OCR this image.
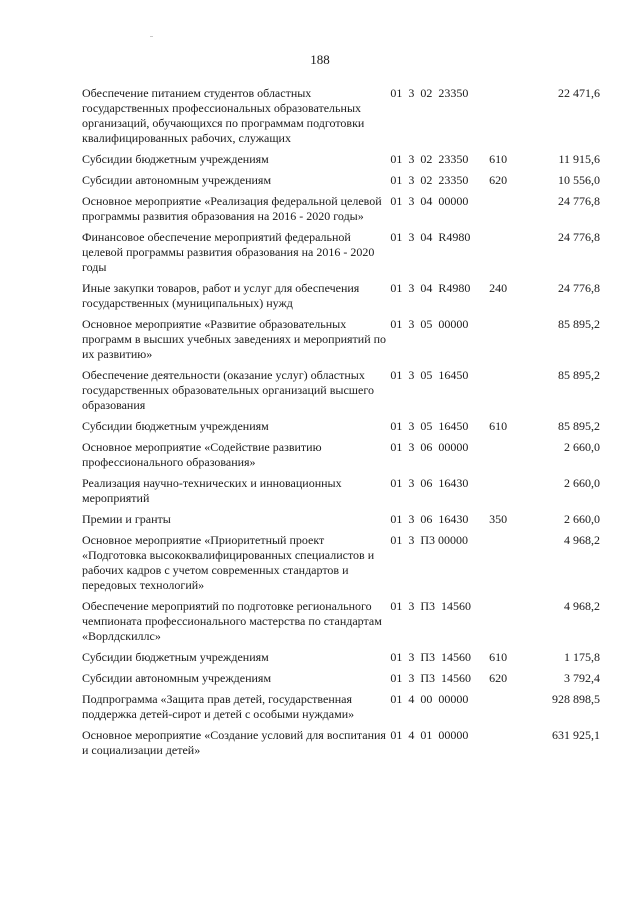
188
Обеспечение питанием студентов областных государственных профессиональных образовательных организаций, обучающихся по программам подготовки квалифицированных рабочих, служащих	01  3  02  23350		22 471,6
Субсидии бюджетным учреждениям	01  3  02  23350	610	11 915,6
Субсидии автономным учреждениям	01  3  02  23350	620	10 556,0
Основное мероприятие «Реализация федеральной целевой программы развития образования на 2016 - 2020 годы»	01  3  04  00000		24 776,8
Финансовое обеспечение мероприятий федеральной целевой программы развития образования на 2016 - 2020 годы	01  3  04  R4980		24 776,8
Иные закупки товаров, работ и услуг для обеспечения государственных (муниципальных) нужд	01  3  04  R4980	240	24 776,8
Основное мероприятие «Развитие образовательных программ в высших учебных заведениях и мероприятий по их развитию»	01  3  05  00000		85 895,2
Обеспечение деятельности (оказание услуг) областных государственных образовательных организаций высшего образования	01  3  05  16450		85 895,2
Субсидии бюджетным учреждениям	01  3  05  16450	610	85 895,2
Основное мероприятие «Содействие развитию профессионального образования»	01  3  06  00000		2 660,0
Реализация научно-технических и инновационных мероприятий	01  3  06  16430		2 660,0
Премии и гранты	01  3  06  16430	350	2 660,0
Основное мероприятие «Приоритетный проект «Подготовка высококвалифицированных специалистов и рабочих кадров с учетом современных стандартов и передовых технологий»	01  3  П3 00000		4 968,2
Обеспечение мероприятий по подготовке регионального чемпионата профессионального мастерства по стандартам «Ворлдскиллс»	01  3  П3  14560		4 968,2
Субсидии бюджетным учреждениям	01  3  П3  14560	610	1 175,8
Субсидии автономным учреждениям	01  3  П3  14560	620	3 792,4
Подпрограмма «Защита прав детей, государственная поддержка детей-сирот и детей с особыми нуждами»	01  4  00  00000		928 898,5
Основное мероприятие «Создание условий для воспитания и социализации детей»	01  4  01  00000		631 925,1
